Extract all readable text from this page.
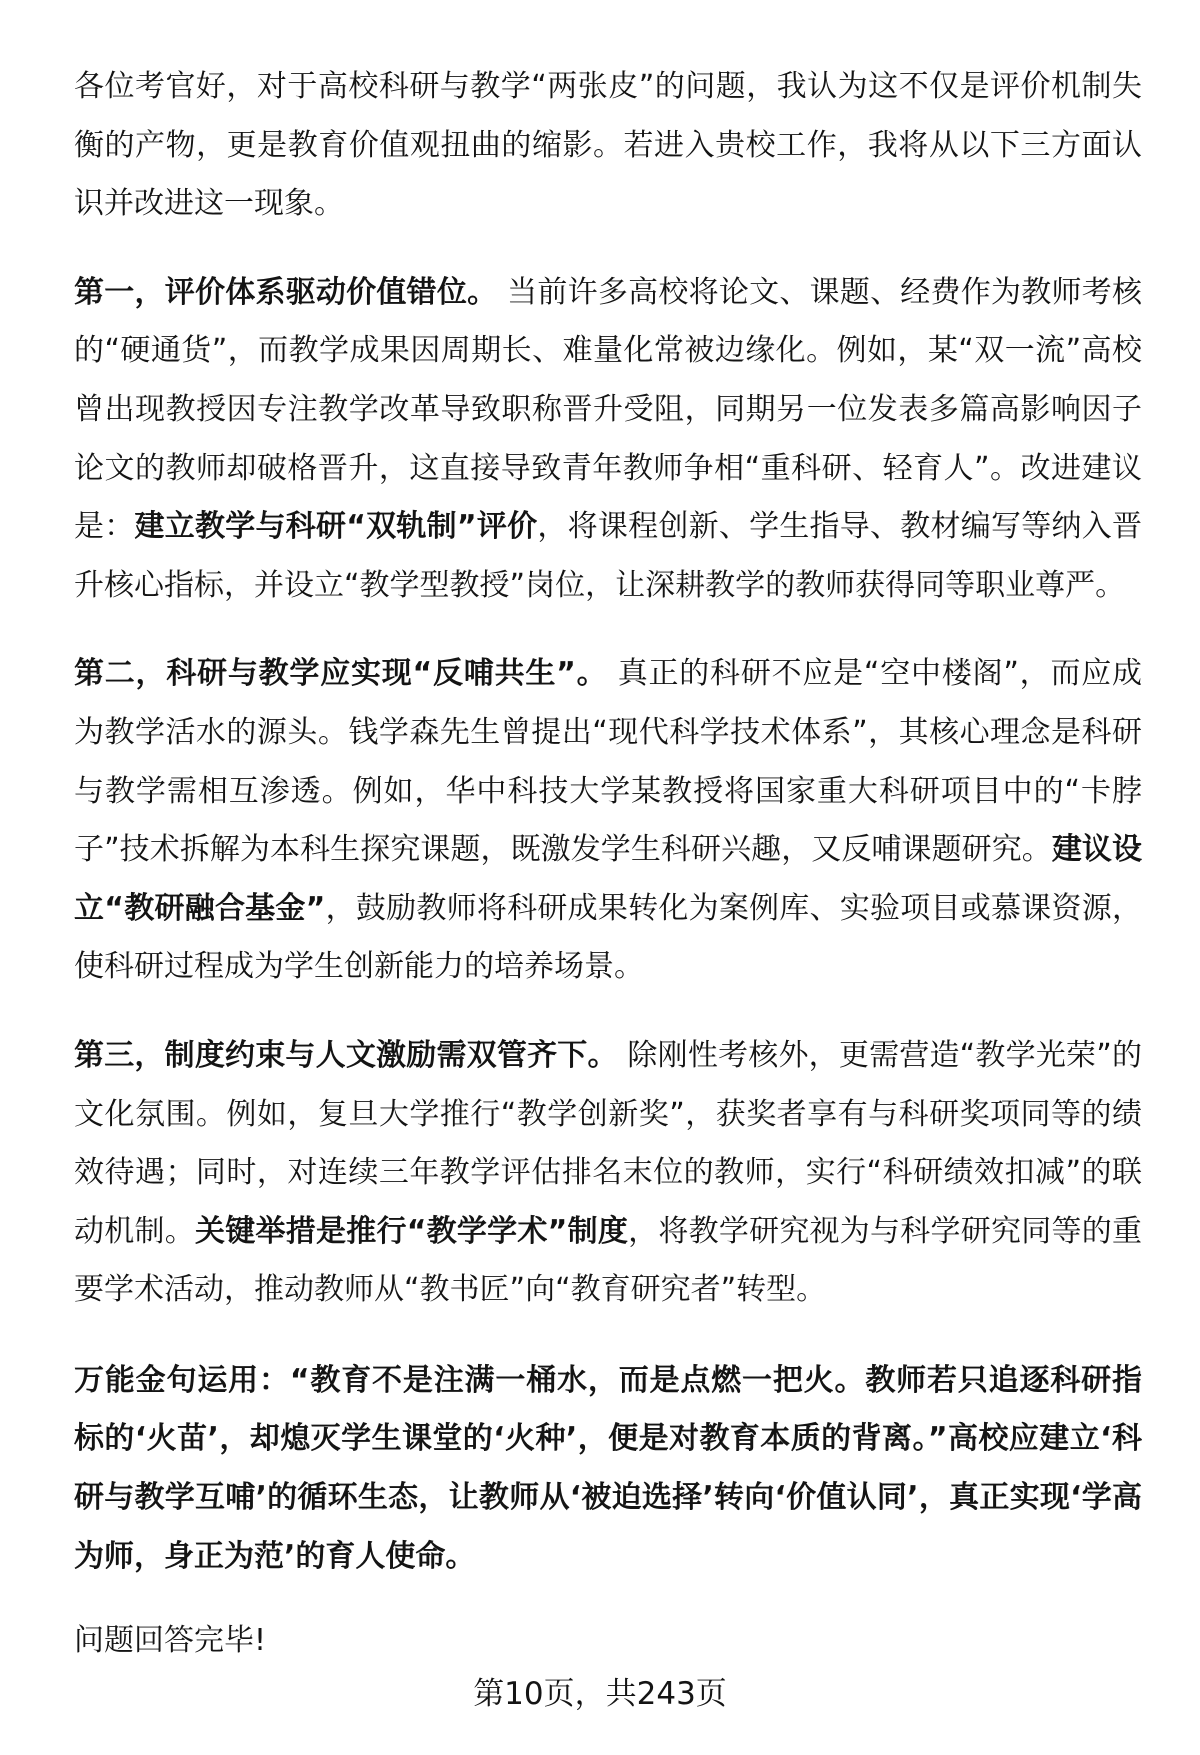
各位考官好，对于高校科研与教学“两张皮”的问题，我认为这不仅是评价机制失衡的产物，更是教育价值观扭曲的缩影。若进入贵校工作，我将从以下三方面认识并改进这一现象。

第一，评价体系驱动价值错位。 当前许多高校将论文、课题、经费作为教师考核的“硬通货”，而教学成果因周期长、难量化常被边缘化。例如，某“双一流”高校曾出现教授因专注教学改革导致职称晋升受阻，同期另一位发表多篇高影响因子论文的教师却破格晋升，这直接导致青年教师争相“重科研、轻育人”。改进建议是：建立教学与科研“双轨制”评价，将课程创新、学生指导、教材编写等纳入晋升核心指标，并设立“教学型教授”岗位，让深耕教学的教师获得同等职业尊严。

第二，科研与教学应实现“反哺共生”。 真正的科研不应是“空中楼阁”，而应成为教学活水的源头。钱学森先生曾提出“现代科学技术体系”，其核心理念是科研与教学需相互渗透。例如，华中科技大学某教授将国家重大科研项目中的“卡脖子”技术拆解为本科生探究课题，既激发学生科研兴趣，又反哺课题研究。建议设立“教研融合基金”，鼓励教师将科研成果转化为案例库、实验项目或慕课资源，使科研过程成为学生创新能力的培养场景。

第三，制度约束与人文激励需双管齐下。 除刚性考核外，更需营造“教学光荣”的文化氛围。例如，复旦大学推行“教学创新奖”，获奖者享有与科研奖项同等的绩效待遇；同时，对连续三年教学评估排名末位的教师，实行“科研绩效扣减”的联动机制。关键举措是推行“教学学术”制度，将教学研究视为与科学研究同等的重要学术活动，推动教师从“教书匠”向“教育研究者”转型。

万能金句运用：“教育不是注满一桶水，而是点燃一把火。教师若只追逐科研指标的‘火苗’，却熄灭学生课堂的‘火种’，便是对教育本质的背离。”高校应建立‘科研与教学互哺’的循环生态，让教师从‘被迫选择’转向‘价值认同’，真正实现‘学高为师，身正为范’的育人使命。

问题回答完毕!

第10页，共243页
